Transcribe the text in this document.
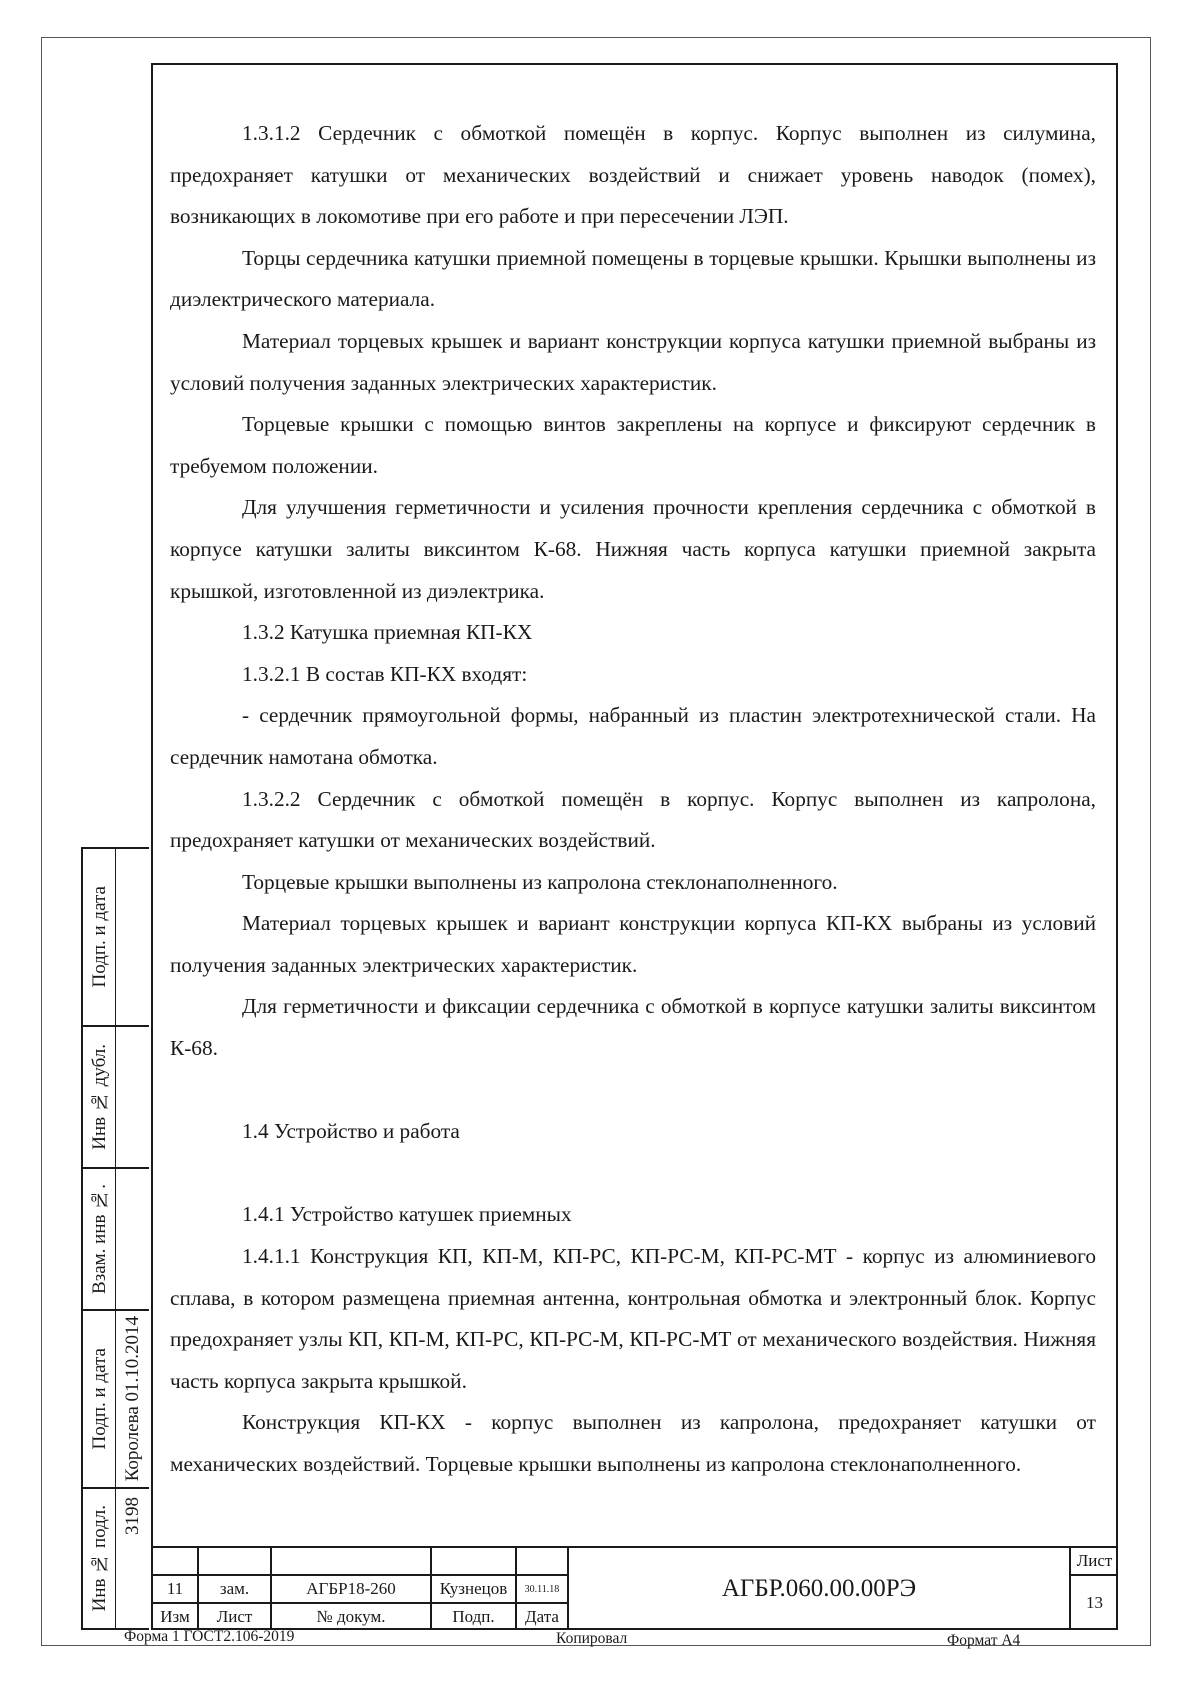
1.3.1.2 Сердечник с обмоткой помещён в корпус. Корпус выполнен из силумина, предохраняет катушки от механических воздействий и снижает уровень наводок (помех), возникающих в локомотиве при его работе и при пересечении ЛЭП.

Торцы сердечника катушки приемной помещены в торцевые крышки. Крышки выполнены из диэлектрического материала.

Материал торцевых крышек и вариант конструкции корпуса катушки приемной выбраны из условий получения заданных электрических характеристик.

Торцевые крышки с помощью винтов закреплены на корпусе и фиксируют сердечник в требуемом положении.

Для улучшения герметичности и усиления прочности крепления сердечника с обмоткой в корпусе катушки залиты виксинтом К-68. Нижняя часть корпуса катушки приемной закрыта крышкой, изготовленной из диэлектрика.

1.3.2 Катушка приемная КП-КХ

1.3.2.1 В состав КП-КХ входят:

- сердечник прямоугольной формы, набранный из пластин электротехнической стали. На сердечник намотана обмотка.

1.3.2.2 Сердечник с обмоткой помещён в корпус. Корпус выполнен из капролона, предохраняет катушки от механических воздействий.

Торцевые крышки выполнены из капролона стеклонаполненного.

Материал торцевых крышек и вариант конструкции корпуса КП-КХ выбраны из условий получения заданных электрических характеристик.

Для герметичности и фиксации сердечника с обмоткой в корпусе катушки залиты виксинтом К-68.

1.4 Устройство и работа

1.4.1 Устройство катушек приемных

1.4.1.1 Конструкция КП, КП-М, КП-РС, КП-РС-М, КП-РС-МТ - корпус из алюминиевого сплава, в котором размещена приемная антенна, контрольная обмотка и электронный блок. Корпус предохраняет узлы КП, КП-М, КП-РС, КП-РС-М, КП-РС-МТ от механического воздействия. Нижняя часть корпуса закрыта крышкой.

Конструкция КП-КХ - корпус выполнен из капролона, предохраняет катушки от механических воздействий. Торцевые крышки выполнены из капролона стеклонаполненного.

Подп. и дата
Инв № дубл.
Взам. инв №.
Подп. и дата Королева 01.10.2014
Инв № подл. 3198
11	зам.	АГБР18-260	Кузнецов	30.11.18
Изм	Лист	№ докум.	Подп.	Дата
АГБР.060.00.00РЭ
Лист
13
Форма 1 ГОСТ2.106-2019	Копировал	Формат А4
